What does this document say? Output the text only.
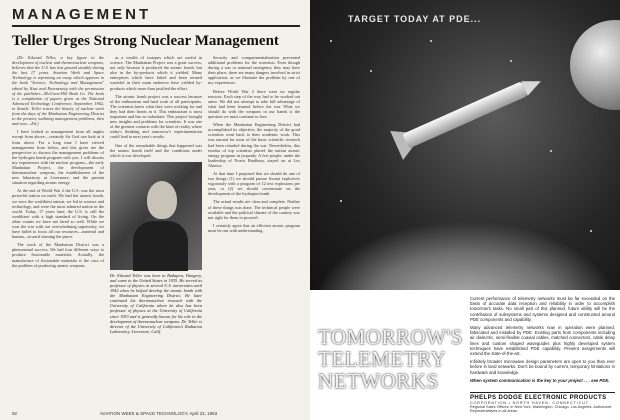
MANAGEMENT
Teller Urges Strong Nuclear Management

(Dr. Edward Teller, a key figure in the development of nuclear and thermonuclear weapons, believes that the U.S. has lost ground steadily during the last 17 years. Aviation Week and Space Technology is reprinting an essay which appears in the book "Science, Technology and Management" edited by Kast and Rosenzweig with the permission of the publisher—McGraw-Hill Book Co. The book is a compilation of papers given at the National Advanced Technology Conference, September, 1962, in Seattle. Teller traces the history of nuclear work from the days of the Manhattan Engineering District to the present, outlining management problems, then and now.—Ed.)

I have looked at management from all angles except from above—certainly Sir God can look at it from above. For a long time I have viewed management from below, and this gives me the perspective to discuss the management problems of the hydrogen bomb program with you. I will discuss my experiences with the nuclear program—the early Manhattan Project, the development of thermonuclear weapons, the establishment of the new laboratory at Livermore, and the present situation regarding atomic energy.

At the end of World War 2 the U.S. was the most powerful nation on earth. We had the atomic bomb, we were the wealthiest nation, we led in science and technology, and were the most admired nation in the world. Today, 17 years later, the U.S. is still the wealthiest with a high standard of living. On the other counts we have not fared so well. While we won the war with our overwhelming superiority, we have failed to focus all our resources—material and human—toward winning the peace.

The work of the Manhattan District was a phenomenal success. We had four different ways to produce fissionable materials. Actually, the manufacture of fissionable materials is the crux of the problem of producing atomic weapons.

as a wealth of isotopes which are useful in science. The Manhattan Project was a great success, not only because it produced the atomic bomb, but also in the by-products which it yielded. Many enterprises which have failed and been termed wasteful in their main endeavor have yielded by-products which more than justified the effort.

The atomic bomb project was a success because of the enthusiasm and hard work of all participants. The scientists knew what they were working for and they had their hearts in it. This enthusiasm is most important and has no substitute. This project brought new insights and problems for scientists. It was one of the greatest contacts with the kind of reality where today's thinking and tomorrow's experimentation could lead to next year's results.

One of the remarkable things that happened was the atomic bomb itself and the conditions under which it was developed.

Dr. Edward Teller was born in Budapest, Hungary, and came to the United States in 1935. He served as professor of physics at several U.S. universities until 1942 when he helped develop the atomic bomb with the Manhattan Engineering District. He later continued his thermonuclear research with the University of California where he also has been professor of physics at the University of California since 1953 and is generally known for his role in the development of thermonuclear weapons. Dr. Teller is director of the University of California's Radiation Laboratory, Livermore, Calif.

Security and compartmentalization prevented additional problems for the scientists. Even though during a war or national emergency they may have their place, there are many dangers involved in strict application, as we illustrate the problem by one of my experiences.

Before World War 2 there were no regular reactors. Each step of the way had to be worked out anew. We did not attempt to take full advantage of what had been learned before the war. What we should do with the weapons in our hands is the question we must continue to face.

When the Manhattan Engineering District had accomplished its objective, the majority of the good scientists went back to their academic work. This was natural for most of the basic scientific research had been retarded during the war. Nevertheless, this exodus of top scientists placed the nation atomic energy program in jeopardy. A few people, under the leadership of Norris Bradbury, stayed on at Los Alamos.

At that time I proposed that we should do one of two things: (1) we should pursue fission explosives vigorously with a program of 12 test explosions per year, or (2) we should concentrate on the development of the hydrogen bomb.

The actual results are clear and complete. Neither of these things was done. The technical people were available and the political climate of the country was not right for them to proceed.

I certainly agree that an efficient atomic program must be run with understanding.

92	AVIATION WEEK & SPACE TECHNOLOGY, April 22, 1963
TARGET TODAY AT PDE...
TOMORROW'S
TELEMETRY
NETWORKS

Current performance of telemetry networks must be far exceeded on the basis of accurate data reception and reliability in order to accomplish tomorrow's tasks. No small part of this planned, future ability will be the contribution of subsystems and systems designed and constructed around PDE components and capability.

Many advanced telemetry networks now in operation were planned, fabricated and installed by PDE. Existing parts from components including air dielectric, semi-flexible coaxial cables, matched connectors, cable delay lines and custom shaped waveguides plus highly developed system techniques have established PDE capability. Present assignments will extend the state-of-the-art.

Infinitely broader microwave design parameters are open to you than ever before in land networks. Don't be bound by current, temporary limitations in hardware and knowledge.

When system communication is the key to your project . . . see PDE.

PHELPS DODGE ELECTRONIC PRODUCTS
CORPORATION • NORTH HAVEN, CONNECTICUT
Regional Sales Offices: in New York, Washington, Chicago, Los Angeles. Authorized Representatives in all areas.
